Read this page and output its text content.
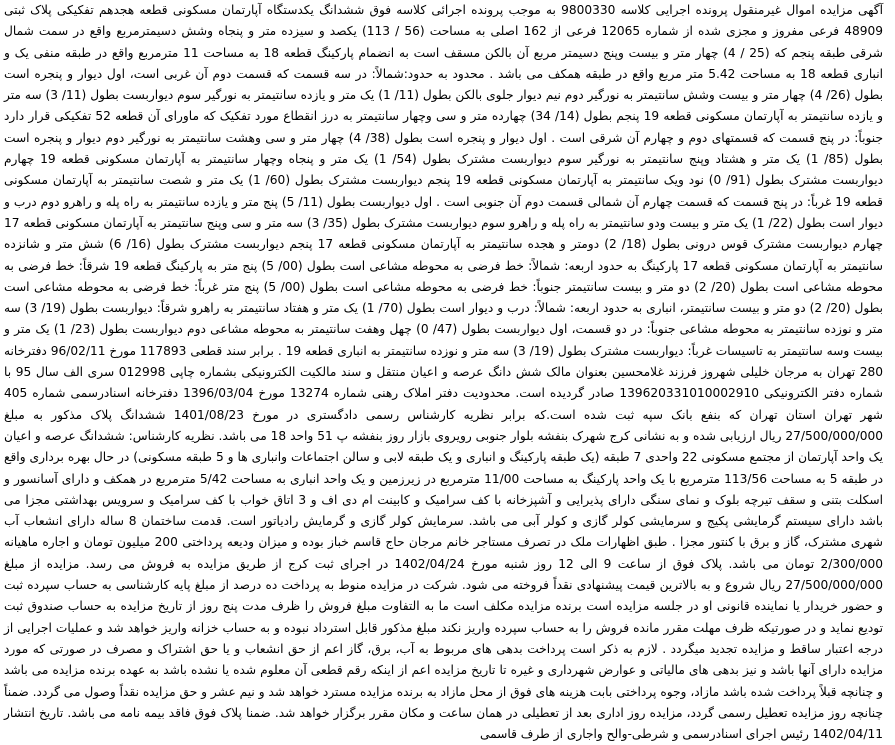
آگهی مزایده اموال غیرمنقول پرونده اجرایی کلاسه 9800330 به موجب پرونده اجرائی کلاسه فوق ششدانگ یکدستگاه آپارتمان مسکونی قطعه هجدهم تفکیکی پلاک ثبتی 48909 فرعی مفروز و مجزی شده از شماره 12065 فرعی از 162 اصلی به مساحت (56 / 113) یکصد و سیزده متر و پنجاه وشش دسیمترمربع واقع در سمت شمال شرقی طبقه پنجم که (25 / 4) چهار متر و بیست وپنج دسیمتر مربع آن بالکن مسقف است به انضمام پارکینگ قطعه 18 به مساحت 11 مترمربع واقع در طبقه منفی یک و انباری قطعه 18 به مساحت 5.42 متر مربع واقع در طبقه همکف می باشد . محدود به حدود:شمالاً: در سه قسمت که قسمت دوم آن غربی است، اول دیوار و پنجره است بطول (26/ 4) چهار متر و بیست وشش سانتیمتر به نورگیر دوم نیم دیوار جلوی بالکن بطول (11/ 1) یک متر و یازده سانتیمتر به نورگیر سوم دیواربست بطول (11/ 3) سه متر و یازده سانتیمتر به آپارتمان مسکونی قطعه 19 پنجم بطول (14/ 34) چهارده متر و سی وچهار سانتیمتر به درز انقطاع مورد تفکیک که ماورای آن قطعه 52 تفکیکی قرار دارد جنوباً: در پنج قسمت که قسمتهای دوم و چهارم آن شرقی است . اول دیوار و پنجره است بطول (38/ 4) چهار متر و سی وهشت سانتیمتر به نورگیر دوم دیوار و پنجره است بطول (85/ 1) یک متر و هشتاد وپنج سانتیمتر به نورگیر سوم دیواربست مشترک بطول (54/ 1) یک متر و پنجاه وچهار سانتیمتر به آپارتمان مسکونی قطعه 19 چهارم دیواربست مشترک بطول (91/ 0) نود ویک سانتیمتر به آپارتمان مسکونی قطعه 19 پنجم دیواربست مشترک بطول (60/ 1) یک متر و شصت سانتیمتر به آپارتمان مسکونی قطعه 19 غرباً: در پنج قسمت که قسمت چهارم آن شمالی قسمت دوم آن جنوبی است . اول دیواربست بطول (11/ 5) پنج متر و یازده سانتیمتر به راه پله و راهرو دوم درب و دیوار است بطول (22/ 1) یک متر و بیست ودو سانتیمتر به راه پله و راهرو سوم دیواربست مشترک بطول (35/ 3) سه متر و سی وپنج سانتیمتر به آپارتمان مسکونی قطعه 17 چهارم دیواربست مشترک قوس درونی بطول (18/ 2) دومتر و هجده سانتیمتر به آپارتمان مسکونی قطعه 17 پنجم دیواربست مشترک بطول (16/ 6) شش متر و شانزده سانتیمتر به آپارتمان مسکونی قطعه 17 پارکینگ به حدود اربعه: شمالاً: خط فرضی به محوطه مشاعی است بطول (00/ 5) پنج متر به پارکینگ قطعه 19 شرقاً: خط فرضی به محوطه مشاعی است بطول (20/ 2) دو متر و بیست سانتیمتر جنوباً: خط فرضی به محوطه مشاعی است بطول (00/ 5) پنج متر غرباً: خط فرضی به محوطه مشاعی است بطول (20/ 2) دو متر و بیست سانتیمتر، انباری به حدود اربعه: شمالاً: درب و دیوار است بطول (70/ 1) یک متر و هفتاد سانتیمتر به راهرو شرقاً: دیواربست بطول (19/ 3) سه متر و نوزده سانتیمتر به محوطه مشاعی جنوباً: در دو قسمت، اول دیواربست بطول (47/ 0) چهل وهفت سانتیمتر به محوطه مشاعی دوم دیواربست بطول (23/ 1) یک متر و بیست وسه سانتیمتر به تاسیسات غرباً: دیواربست مشترک بطول (19/ 3) سه متر و نوزده سانتیمتر به انباری قطعه 19 . برابر سند قطعی 117893 مورخ 96/02/11 دفترخانه 280 تهران به مرجان خلیلی شهروز فرزند غلامحسین بعنوان مالک شش دانگ عرصه و اعیان منتقل و سند مالکیت الکترونیکی بشماره چاپی 012998 سری الف سال 95 با شماره دفتر الکترونیکی 139620331010002910 صادر گردیده است. محدودیت دفتر املاک رهنی شماره 13274 مورخ 1396/03/04 دفترخانه اسنادرسمی شماره 405 شهر تهران استان تهران که بنفع بانک سپه ثبت شده است.که برابر نظریه کارشناس رسمی دادگستری در مورخ 1401/08/23 ششدانگ پلاک مذکور به مبلغ 27/500/000/000 ریال ارزیابی شده و به نشانی کرج شهرک بنفشه بلوار جنوبی رویروی بازار روز بنفشه پ 51 واحد 18 می باشد. نظریه کارشناس: ششدانگ عرصه و اعیان یک واحد آپارتمان از مجتمع مسکونی 22 واحدی 7 طبقه (یک طبقه پارکینگ و انباری و یک طبقه لابی و سالن اجتماعات وانباری ها و 5 طبقه مسکونی) در حال بهره برداری واقع در طبقه 5 به مساحت 113/56 مترمربع با یک واحد پارکینگ به مساحت 11/00 مترمربع در زیرزمین و یک واحد انباری به مساحت 5/42 مترمربع در همکف و دارای آسانسور و اسکلت بتنی و سقف تیرچه بلوک و نمای سنگی دارای پذیرایی و آشپزخانه با کف سرامیک و کابینت ام دی اف و 3 اتاق خواب با کف سرامیک و سرویس بهداشتی مجزا می باشد دارای سیستم گرمایشی پکیج و سرمایشی کولر گازی و کولر آبی می باشد. سرمایش کولر گازی و گرمایش رادیاتور است. قدمت ساختمان 8 ساله دارای انشعاب آب شهری مشترک، گاز و برق با کنتور مجزا . طبق اظهارات ملک در تصرف مستاجر خانم مرجان حاج قاسم خباز بوده و میزان ودیعه پرداختی 200 میلیون تومان و اجاره ماهیانه 2/300/000 تومان می باشد. پلاک فوق از ساعت 9 الی 12 روز شنبه مورخ 1402/04/24 در اجرای ثبت کرج از طریق مزایده به فروش می رسد. مزایده از مبلغ 27/500/000/000 ریال شروع و به بالاترین قیمت پیشنهادی نقداً فروخته می شود. شرکت در مزایده منوط به پرداخت ده درصد از مبلغ پایه کارشناسی به حساب سپرده ثبت و حضور خریدار یا نماینده قانونی او در جلسه مزایده است برنده مزایده مکلف است ما به التفاوت مبلغ فروش را ظرف مدت پنج روز از تاریخ مزایده به حساب صندوق ثبت تودیع نماید و در صورتیکه ظرف مهلت مقرر مانده فروش را به حساب سپرده واریز نکند مبلغ مذکور قابل استرداد نبوده و به حساب خزانه واریز خواهد شد و عملیات اجرایی از درجه اعتبار ساقط و مزایده تجدید میگردد . لازم به ذکر است پرداخت بدهی های مربوط به آب، برق، گاز اعم از حق انشعاب و یا حق اشتراک و مصرف در صورتی که مورد مزایده دارای آنها باشد و نیز بدهی های مالیاتی و عوارض شهرداری و غیره تا تاریخ مزایده اعم از اینکه رقم قطعی آن معلوم شده یا نشده باشد به عهده برنده مزایده می باشد و چنانچه قبلاً پرداخت شده باشد مازاد، وجوه پرداختی بابت هزینه های فوق از محل مازاد به برنده مزایده مسترد خواهد شد و نیم عشر و حق مزایده نقداً وصول می گردد. ضمناً چنانچه روز مزایده تعطیل رسمی گردد، مزایده روز اداری بعد از تعطیلی در همان ساعت و مکان مقرر برگزار خواهد شد. ضمنا پلاک فوق فاقد بیمه نامه می باشد. تاریخ انتشار 1402/04/11 رئیس اجرای اسنادرسمی و شرطی-والح واجاری از طرف قاسمی
